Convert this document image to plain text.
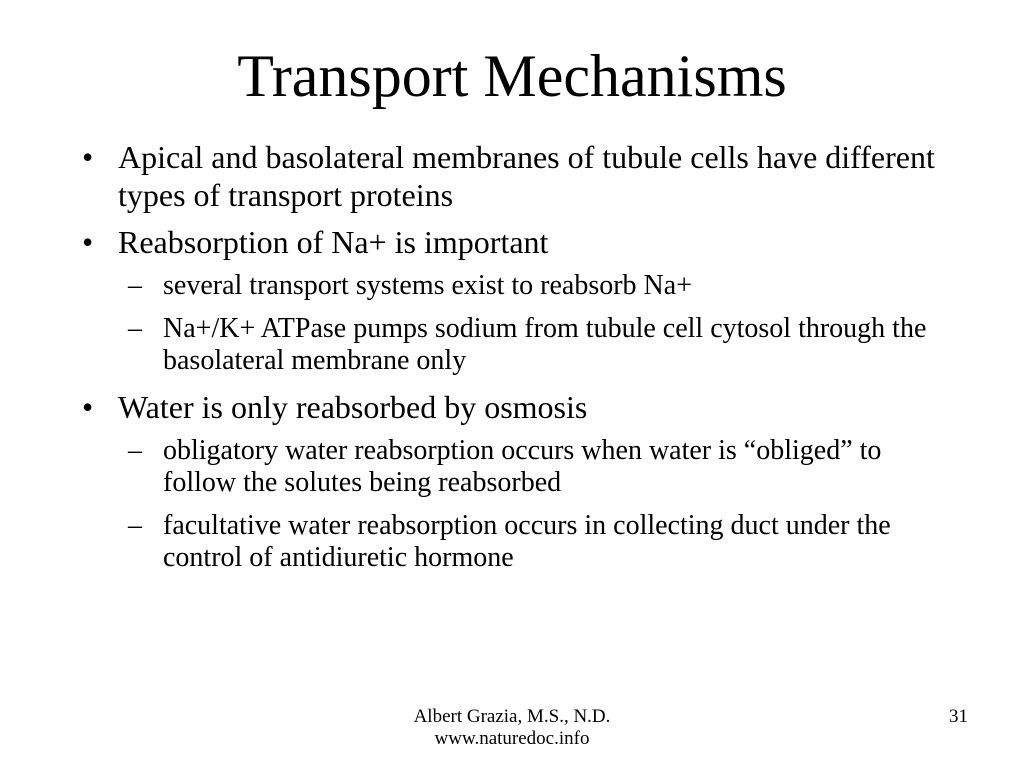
Transport Mechanisms
• Apical and basolateral membranes of tubule cells have different types of transport proteins
• Reabsorption of Na+ is important
– several transport systems exist to reabsorb Na+
– Na+/K+ ATPase pumps sodium from tubule cell cytosol through the basolateral membrane only
• Water is only reabsorbed by osmosis
– obligatory water reabsorption occurs when water is “obliged” to follow the solutes being reabsorbed
– facultative water reabsorption occurs in collecting duct under the control of antidiuretic hormone
Albert Grazia, M.S., N.D.
www.naturedoc.info
31
